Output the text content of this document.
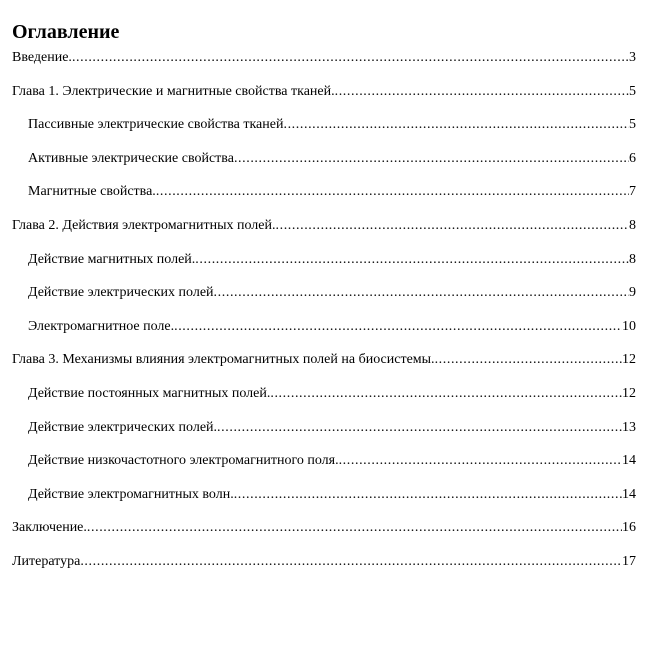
Оглавление
Введение. .....	3
Глава 1. Электрические и магнитные свойства тканей. .....	5
Пассивные электрические свойства тканей .....	5
Активные электрические свойства .....	6
Магнитные свойства. .....	7
Глава 2. Действия электромагнитных полей. .....	8
Действие магнитных полей. .....	8
Действие электрических полей .....	9
Электромагнитное поле. .....	10
Глава 3. Механизмы влияния электромагнитных полей на биосистемы. .....	12
Действие постоянных магнитных полей. .....	12
Действие электрических полей. .....	13
Действие низкочастотного электромагнитного поля. .....	14
Действие электромагнитных волн. .....	14
Заключение. .....	16
Литература .....	17
